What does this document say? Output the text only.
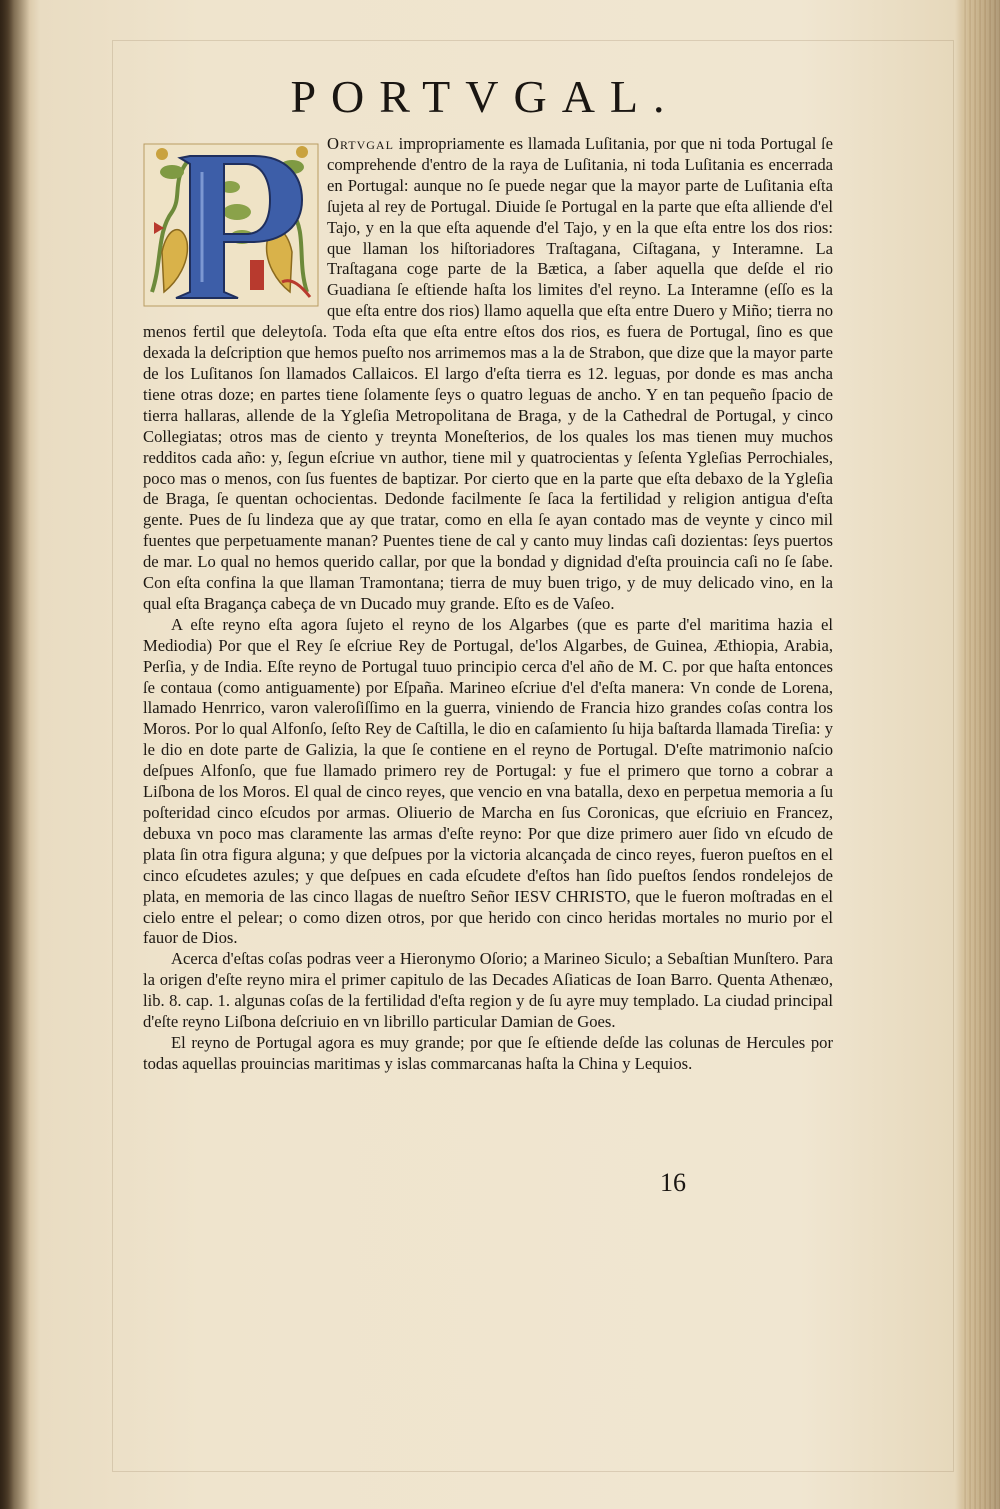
PORTVGAL.

Ortvgal impropriamente es llamada Luſitania, por que ni toda Portugal ſe comprehende d'entro de la raya de Luſitania, ni toda Luſitania es encerrada en Portugal: aunque no ſe puede negar que la mayor parte de Luſitania eſta ſujeta al rey de Portugal. Diuide ſe Portugal en la parte que eſta alliende d'el Tajo, y en la que eſta aquende d'el Tajo, y en la que eſta entre los dos rios: que llaman los hiſtoriadores Traſtagana, Ciſtagana, y Interamne. La Traſtagana coge parte de la Bætica, a ſaber aquella que deſde el rio Guadiana ſe eſtiende haſta los limites d'el reyno. La Interamne (eſſo es la que eſta entre dos rios) llamo aquella que eſta entre Duero y Miño; tierra no menos fertil que deleytoſa. Toda eſta que eſta entre eſtos dos rios, es fuera de Portugal, ſino es que dexada la deſcription que hemos pueſto nos arrimemos mas a la de Strabon, que dize que la mayor parte de los Luſitanos ſon llamados Callaicos. El largo d'eſta tierra es 12. leguas, por donde es mas ancha tiene otras doze; en partes tiene ſolamente ſeys o quatro leguas de ancho. Y en tan pequeño ſpacio de tierra hallaras, allende de la Ygleſia Metropolitana de Braga, y de la Cathedral de Portugal, y cinco Collegiatas; otros mas de ciento y treynta Moneſterios, de los quales los mas tienen muy muchos redditos cada año: y, ſegun eſcriue vn author, tiene mil y quatrocientas y ſeſenta Ygleſias Perrochiales, poco mas o menos, con ſus fuentes de baptizar. Por cierto que en la parte que eſta debaxo de la Ygleſia de Braga, ſe quentan ochocientas. Dedonde facilmente ſe ſaca la fertilidad y religion antigua d'eſta gente. Pues de ſu lindeza que ay que tratar, como en ella ſe ayan contado mas de veynte y cinco mil fuentes que perpetuamente manan? Puentes tiene de cal y canto muy lindas caſi dozientas: ſeys puertos de mar. Lo qual no hemos querido callar, por que la bondad y dignidad d'eſta prouincia caſi no ſe ſabe. Con eſta confina la que llaman Tramontana; tierra de muy buen trigo, y de muy delicado vino, en la qual eſta Bragança cabeça de vn Ducado muy grande. Eſto es de Vaſeo.

A eſte reyno eſta agora ſujeto el reyno de los Algarbes (que es parte d'el maritima hazia el Mediodia) Por que el Rey ſe eſcriue Rey de Portugal, de'los Algarbes, de Guinea, Æthiopia, Arabia, Perſia, y de India. Eſte reyno de Portugal tuuo principio cerca d'el año de M. C. por que haſta entonces ſe contaua (como antiguamente) por Eſpaña. Marineo eſcriue d'el d'eſta manera: Vn conde de Lorena, llamado Henrrico, varon valeroſiſſimo en la guerra, viniendo de Francia hizo grandes coſas contra los Moros. Por lo qual Alfonſo, ſeſto Rey de Caſtilla, le dio en caſamiento ſu hija baſtarda llamada Tireſia: y le dio en dote parte de Galizia, la que ſe contiene en el reyno de Portugal. D'eſte matrimonio naſcio deſpues Alfonſo, que fue llamado primero rey de Portugal: y fue el primero que torno a cobrar a Liſbona de los Moros. El qual de cinco reyes, que vencio en vna batalla, dexo en perpetua memoria a ſu poſteridad cinco eſcudos por armas. Oliuerio de Marcha en ſus Coronicas, que eſcriuio en Francez, debuxa vn poco mas claramente las armas d'eſte reyno: Por que dize primero auer ſido vn eſcudo de plata ſin otra figura alguna; y que deſpues por la victoria alcançada de cinco reyes, fueron pueſtos en el cinco eſcudetes azules; y que deſpues en cada eſcudete d'eſtos han ſido pueſtos ſendos rondelejos de plata, en memoria de las cinco llagas de nueſtro Señor IESV CHRISTO, que le fueron moſtradas en el cielo entre el pelear; o como dizen otros, por que herido con cinco heridas mortales no murio por el fauor de Dios.

Acerca d'eſtas coſas podras veer a Hieronymo Oſorio; a Marineo Siculo; a Sebaſtian Munſtero. Para la origen d'eſte reyno mira el primer capitulo de las Decades Aſiaticas de Ioan Barro. Quenta Athenæo, lib. 8. cap. 1. algunas coſas de la fertilidad d'eſta region y de ſu ayre muy templado. La ciudad principal d'eſte reyno Liſbona deſcriuio en vn librillo particular Damian de Goes.

El reyno de Portugal agora es muy grande; por que ſe eſtiende deſde las colunas de Hercules por todas aquellas prouincias maritimas y islas commarcanas haſta la China y Lequios.

16
